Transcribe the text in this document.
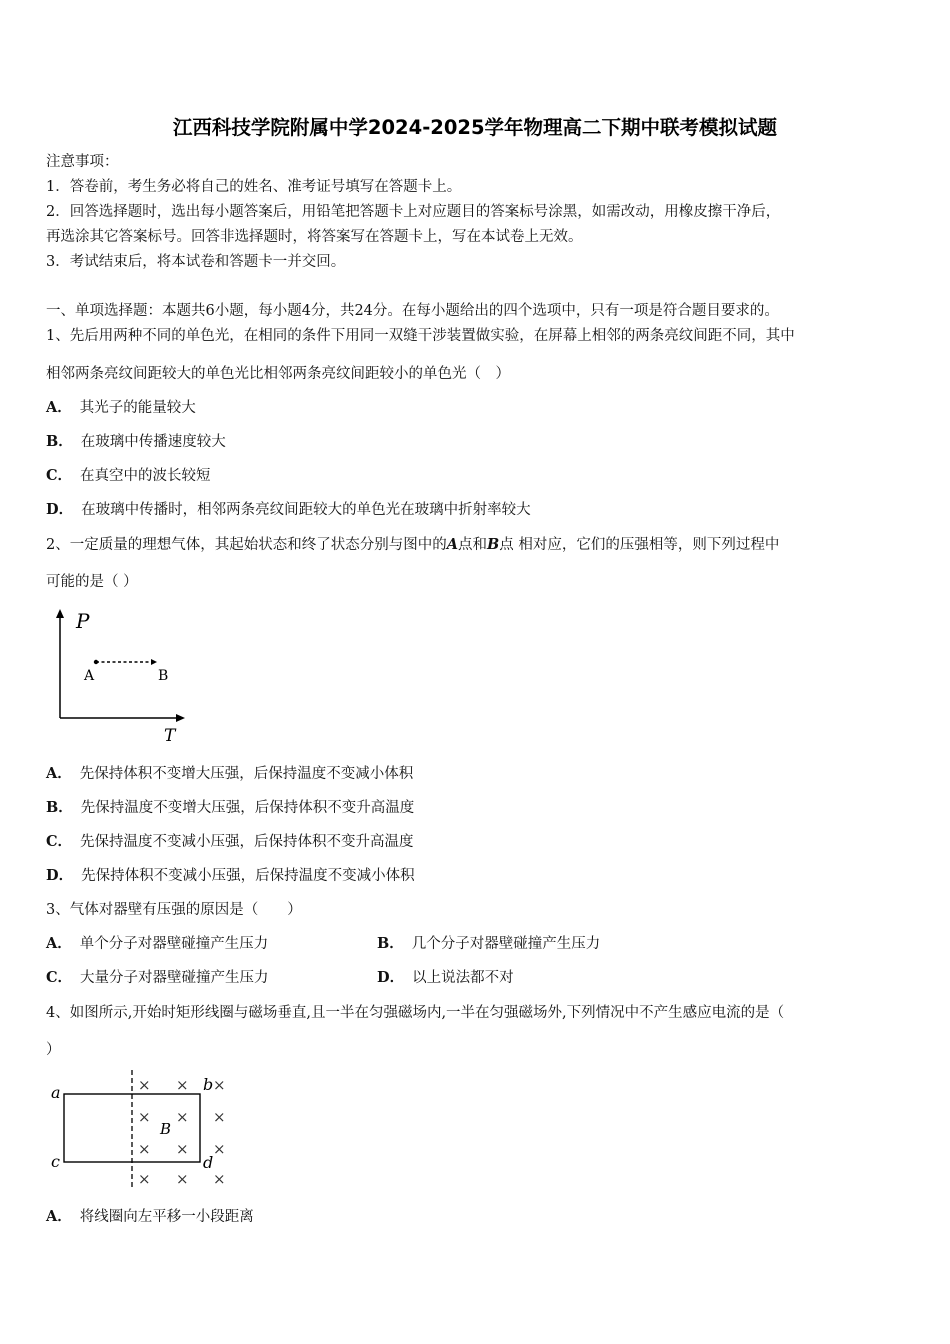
江西科技学院附属中学2024-2025学年物理高二下期中联考模拟试题
注意事项：
1．答卷前，考生务必将自己的姓名、准考证号填写在答题卡上。
2．回答选择题时，选出每小题答案后，用铅笔把答题卡上对应题目的答案标号涂黑，如需改动，用橡皮擦干净后，
再选涂其它答案标号。回答非选择题时，将答案写在答题卡上，写在本试卷上无效。
3．考试结束后，将本试卷和答题卡一并交回。
一、单项选择题：本题共6小题，每小题4分，共24分。在每小题给出的四个选项中，只有一项是符合题目要求的。
1、先后用两种不同的单色光，在相同的条件下用同一双缝干涉装置做实验，在屏幕上相邻的两条亮纹间距不同，其中
相邻两条亮纹间距较大的单色光比相邻两条亮纹间距较小的单色光（　）
A． 其光子的能量较大
B． 在玻璃中传播速度较大
C． 在真空中的波长较短
D． 在玻璃中传播时，相邻两条亮纹间距较大的单色光在玻璃中折射率较大
2、一定质量的理想气体，其起始状态和终了状态分别与图中的A点和B点 相对应，它们的压强相等，则下列过程中
可能的是（ ）
P
T
A	B
A． 先保持体积不变增大压强，后保持温度不变减小体积
B． 先保持温度不变增大压强，后保持体积不变升高温度
C． 先保持温度不变减小压强，后保持体积不变升高温度
D． 先保持体积不变减小压强，后保持温度不变减小体积
3、气体对器壁有压强的原因是（　　）
A． 单个分子对器壁碰撞产生压力	B． 几个分子对器壁碰撞产生压力
C． 大量分子对器壁碰撞产生压力	D． 以上说法都不对
4、如图所示,开始时矩形线圈与磁场垂直,且一半在匀强磁场内,一半在匀强磁场外,下列情况中不产生感应电流的是（
）
a
c
b
d
B
× × ×
× × ×
× × ×
× × ×
A． 将线圈向左平移一小段距离
